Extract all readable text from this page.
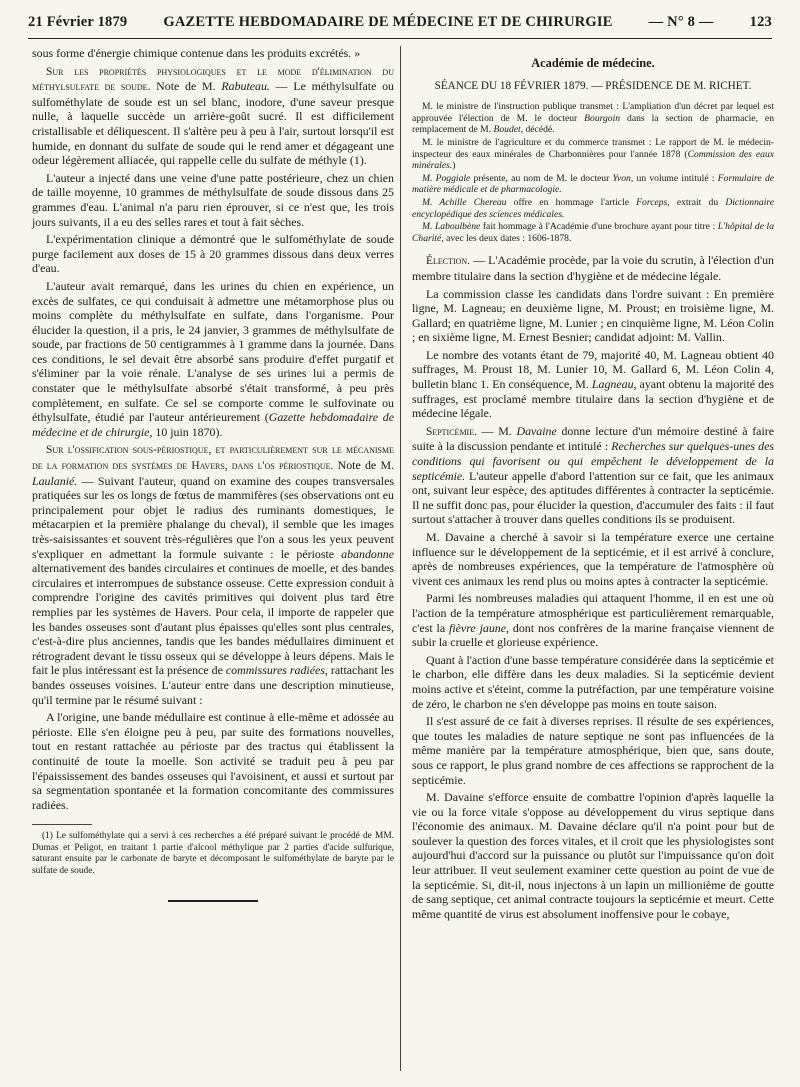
21 Février 1879 GAZETTE HEBDOMADAIRE DE MÉDECINE ET DE CHIRURGIE — N° 8 — 123

sous forme d'énergie chimique contenue dans les produits excrétés. »

Sur les propriétés physiologiques et le mode d'élimination du méthylsulfate de soude. Note de M. Rabuteau. — Le méthylsulfate ou sulfométhylate de soude est un sel blanc, inodore, d'une saveur presque nulle, à laquelle succède un arrière-goût sucré. Il est difficilement cristallisable et déliquescent. Il s'altère peu à peu à l'air, surtout lorsqu'il est humide, en donnant du sulfate de soude qui le rend amer et dégageant une odeur légèrement alliacée, qui rappelle celle du sulfate de méthyle (1).

L'auteur a injecté dans une veine d'une patte postérieure, chez un chien de taille moyenne, 10 grammes de méthylsulfate de soude dissous dans 25 grammes d'eau. L'animal n'a paru rien éprouver, si ce n'est que, les trois jours suivants, il a eu des selles rares et tout à fait sèches.

L'expérimentation clinique a démontré que le sulfométhylate de soude purge facilement aux doses de 15 à 20 grammes dissous dans deux verres d'eau.

L'auteur avait remarqué, dans les urines du chien en expérience, un excès de sulfates, ce qui conduisait à admettre une métamorphose plus ou moins complète du méthylsulfate en sulfate, dans l'organisme. Pour élucider la question, il a pris, le 24 janvier, 3 grammes de méthylsulfate de soude, par fractions de 50 centigrammes à 1 gramme dans la journée. Dans ces conditions, le sel devait être absorbé sans produire d'effet purgatif et s'éliminer par la voie rénale. L'analyse de ses urines lui a permis de constater que le méthylsulfate absorbé s'était transformé, à peu près complètement, en sulfate. Ce sel se comporte comme le sulfovinate ou éthylsulfate, étudié par l'auteur antérieurement (Gazette hebdomadaire de médecine et de chirurgie, 10 juin 1870).

Sur l'ossification sous-périostique, et particulièrement sur le mécanisme de la formation des systèmes de Havers, dans l'os périostique. Note de M. Laulanié. — Suivant l'auteur, quand on examine des coupes transversales pratiquées sur les os longs de fœtus de mammifères (ses observations ont eu principalement pour objet le radius des ruminants domestiques, le métacarpien et la première phalange du cheval), il semble que les images très-saisissantes et souvent très-régulières que l'on a sous les yeux peuvent s'expliquer en admettant la formule suivante : le périoste abandonne alternativement des bandes circulaires et continues de moelle, et des bandes circulaires et interrompues de substance osseuse. Cette expression conduit à comprendre l'origine des cavités primitives qui doivent plus tard être remplies par les systèmes de Havers. Pour cela, il importe de rappeler que les bandes osseuses sont d'autant plus épaisses qu'elles sont plus centrales, c'est-à-dire plus anciennes, tandis que les bandes médullaires diminuent et rétrogradent devant le tissu osseux qui se développe à leurs dépens. Mais le fait le plus intéressant est la présence de commissures radiées, rattachant les bandes osseuses voisines. L'auteur entre dans une description minutieuse, qu'il termine par le résumé suivant :

A l'origine, une bande médullaire est continue à elle-même et adossée au périoste. Elle s'en éloigne peu à peu, par suite des formations nouvelles, tout en restant rattachée au périoste par des tractus qui établissent la continuité de toute la moelle. Son activité se traduit peu à peu par l'épaississement des bandes osseuses qui l'avoisinent, et aussi et surtout par sa segmentation spontanée et la formation concomitante des commissures radiées.

(1) Le sulfométhylate qui a servi à ces recherches a été préparé suivant le procédé de MM. Dumas et Peligot, en traitant 1 partie d'alcool méthylique par 2 parties d'acide sulfurique, saturant ensuite par le carbonate de baryte et décomposant le sulfométhylate de baryte par le sulfate de soude.

Académie de médecine.
SÉANCE DU 18 FÉVRIER 1879. — PRÉSIDENCE DE M. RICHET.

M. le ministre de l'instruction publique transmet : L'ampliation d'un décret par lequel est approuvée l'élection de M. le docteur Bourgoin dans la section de pharmacie, en remplacement de M. Boudet, décédé.

M. le ministre de l'agriculture et du commerce transmet : Le rapport de M. le médecin-inspecteur des eaux minérales de Charbonnières pour l'année 1878 (Commission des eaux minérales.)

M. Poggiale présente, au nom de M. le docteur Yvon, un volume intitulé : Formulaire de matière médicale et de pharmacologie.

M. Achille Chereau offre en hommage l'article Forceps, extrait du Dictionnaire encyclopédique des sciences médicales.

M. Laboulbène fait hommage à l'Académie d'une brochure ayant pour titre : L'hôpital de la Charité, avec les deux dates : 1606-1878.

Élection. — L'Académie procède, par la voie du scrutin, à l'élection d'un membre titulaire dans la section d'hygiène et de médecine légale.

La commission classe les candidats dans l'ordre suivant : En première ligne, M. Lagneau; en deuxième ligne, M. Proust; en troisième ligne, M. Gallard; en quatrième ligne, M. Lunier ; en cinquième ligne, M. Léon Colin ; en sixième ligne, M. Ernest Besnier; candidat adjoint: M. Vallin.

Le nombre des votants étant de 79, majorité 40, M. Lagneau obtient 40 suffrages, M. Proust 18, M. Lunier 10, M. Gallard 6, M. Léon Colin 4, bulletin blanc 1. En conséquence, M. Lagneau, ayant obtenu la majorité des suffrages, est proclamé membre titulaire dans la section d'hygiène et de médecine légale.

Septicémie. — M. Davaine donne lecture d'un mémoire destiné à faire suite à la discussion pendante et intitulé : Recherches sur quelques-unes des conditions qui favorisent ou qui empêchent le développement de la septicémie. L'auteur appelle d'abord l'attention sur ce fait, que les animaux ont, suivant leur espèce, des aptitudes différentes à contracter la septicémie. Il ne suffit donc pas, pour élucider la question, d'accumuler des faits : il faut surtout s'attacher à trouver dans quelles conditions ils se produisent.

M. Davaine a cherché à savoir si la température exerce une certaine influence sur le développement de la septicémie, et il est arrivé à conclure, après de nombreuses expériences, que la température de l'atmosphère où vivent ces animaux les rend plus ou moins aptes à contracter la septicémie.

Parmi les nombreuses maladies qui attaquent l'homme, il en est une où l'action de la température atmosphérique est particulièrement remarquable, c'est la fièvre jaune, dont nos confrères de la marine française viennent de subir la cruelle et glorieuse expérience.

Quant à l'action d'une basse température considérée dans la septicémie et le charbon, elle diffère dans les deux maladies. Si la septicémie devient moins active et s'éteint, comme la putréfaction, par une température voisine de zéro, le charbon ne s'en développe pas moins en toute saison.

Il s'est assuré de ce fait à diverses reprises. Il résulte de ses expériences, que toutes les maladies de nature septique ne sont pas influencées de la même manière par la température atmosphérique, bien que, sans doute, sous ce rapport, le plus grand nombre de ces affections se rapprochent de la septicémie.

M. Davaine s'efforce ensuite de combattre l'opinion d'après laquelle la vie ou la force vitale s'oppose au développement du virus septique dans l'économie des animaux. M. Davaine déclare qu'il n'a point pour but de soulever la question des forces vitales, et il croit que les physiologistes sont aujourd'hui d'accord sur la puissance ou plutôt sur l'impuissance qu'on doit leur attribuer. Il veut seulement examiner cette question au point de vue de la septicémie. Si, dit-il, nous injectons à un lapin un millionième de goutte de sang septique, cet animal contracte toujours la septicémie et meurt. Cette même quantité de virus est absolument inoffensive pour le cobaye,
